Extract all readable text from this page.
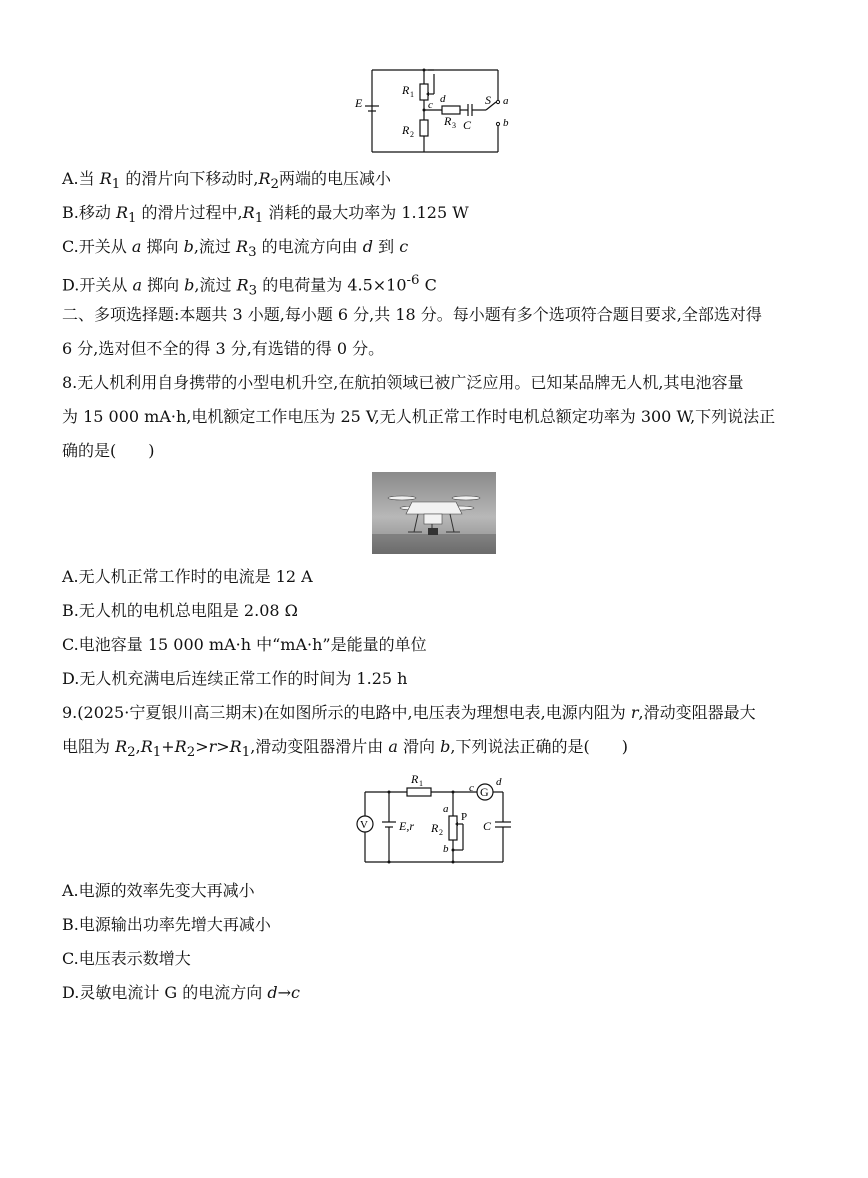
E
R 1
R 2
c d
R 3 C
S a
b
A.当 $R_1$ 的滑片向下移动时$,R_2$两端的电压减小
B.移动 $R_1$ 的滑片过程中$,R_1$ 消耗的最大功率为 1.125 W
C.开关从 a 掷向 b,流过 $R_3$ 的电流方向由 d 到 c
D.开关从 a 掷向 b,流过 $R_3$ 的电荷量为 $4.5\times 10^{-6}$ C
二、多项选择题:本题共 3 小题,每小题 6 分,共 18 分。每小题有多个选项符合题目要求,全部选对得
6 分,选对但不全的得 3 分,有选错的得 0 分。
8.无人机利用自身携带的小型电机升空,在航拍领域已被广泛应用。已知某品牌无人机,其电池容量
为 15 000 mA·h,电机额定工作电压为 25 V,无人机正常工作时电机总额定功率为 300 W,下列说法正
确的是(　　)
A.无人机正常工作时的电流是 12 A
B.无人机的电机总电阻是 2.08 Ω
C.电池容量 15 000 mA·h 中“mA·h”是能量的单位
D.无人机充满电后连续正常工作的时间为 1.25 h
9.(2025·宁夏银川高三期末)在如图所示的电路中,电压表为理想电表,电源内阻为 r,滑动变阻器最大
电阻为 $R_2,R_1+R_2>r>R_1$,滑动变阻器滑片由 a 滑向 b,下列说法正确的是(　　)
R 1	c G
d
V	E,r
a
R 2
P
b
C
A.电源的效率先变大再减小
B.电源输出功率先增大再减小
C.电压表示数增大
D.灵敏电流计 G 的电流方向 d→c
